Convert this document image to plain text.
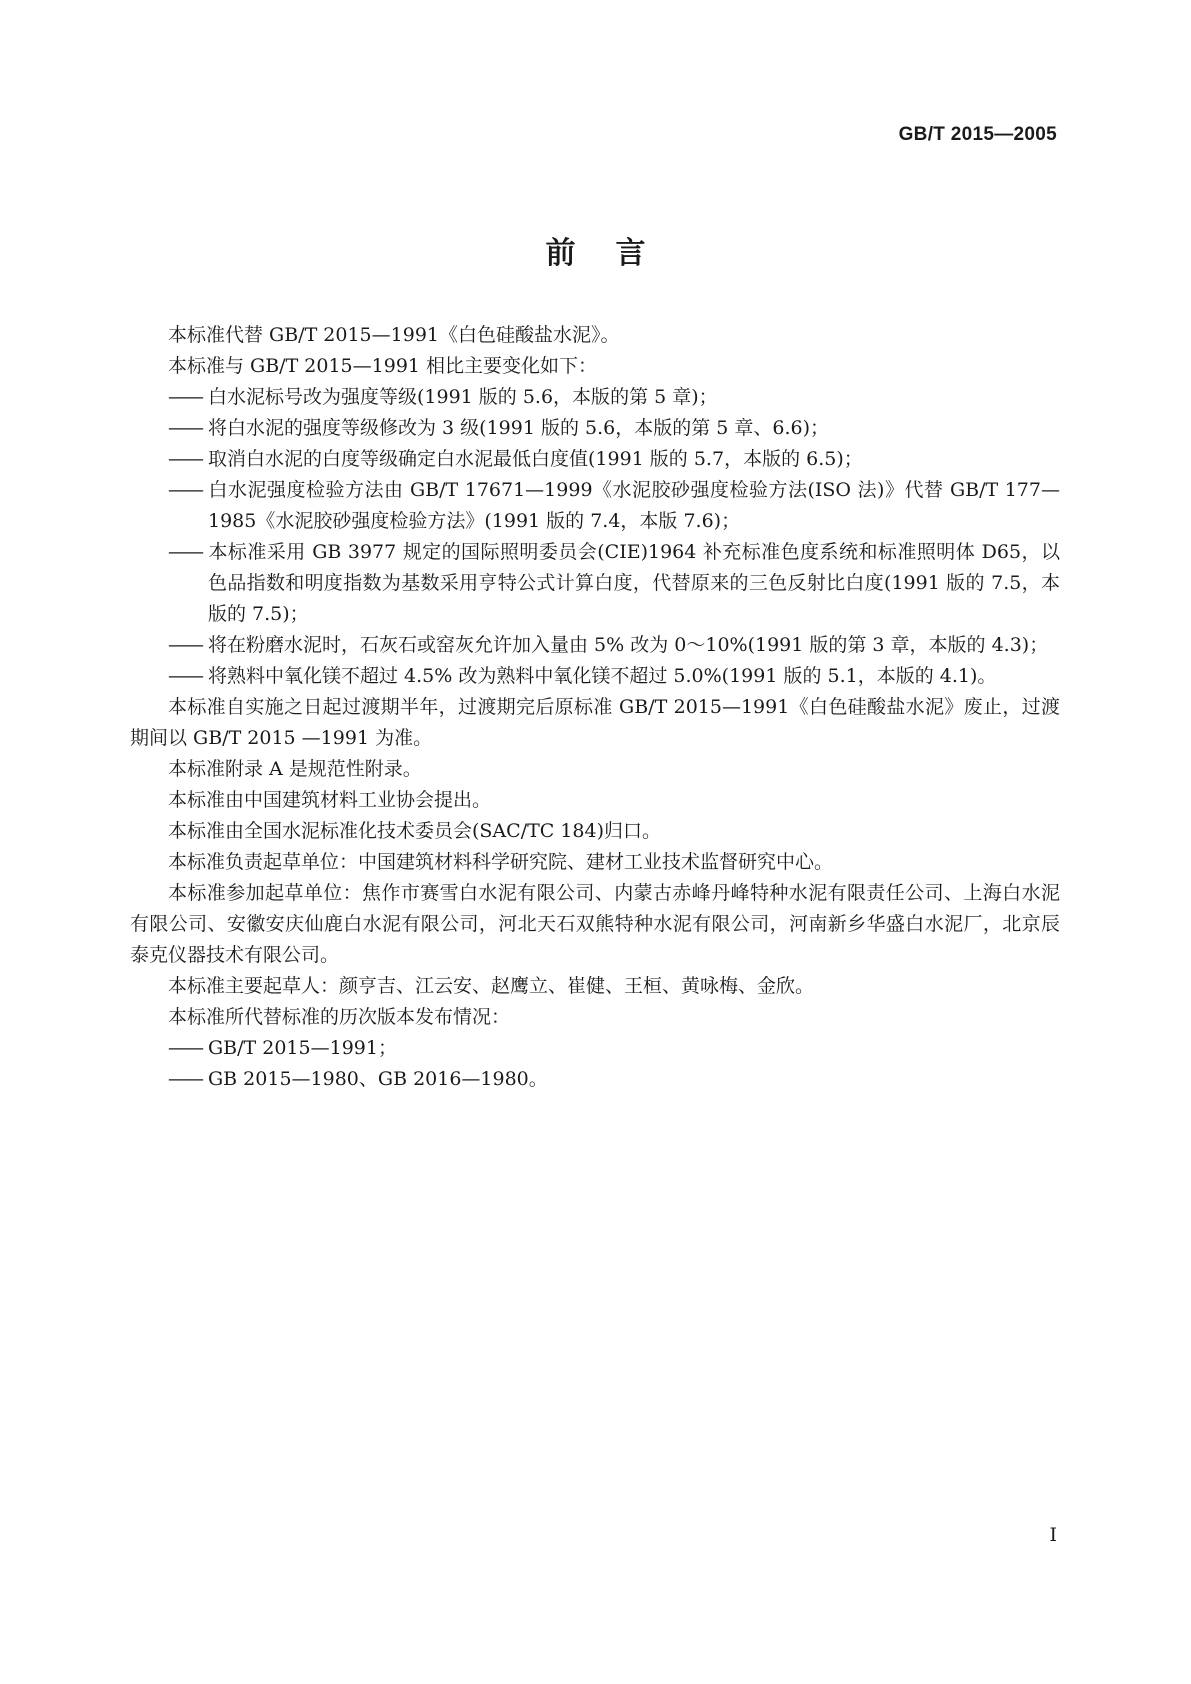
GB/T 2015—2005
前言

本标准代替 GB/T 2015—1991《白色硅酸盐水泥》。

本标准与 GB/T 2015—1991 相比主要变化如下：

—— 白水泥标号改为强度等级(1991 版的 5.6，本版的第 5 章)；

—— 将白水泥的强度等级修改为 3 级(1991 版的 5.6，本版的第 5 章、6.6)；

—— 取消白水泥的白度等级确定白水泥最低白度值(1991 版的 5.7，本版的 6.5)；

—— 白水泥强度检验方法由 GB/T 17671—1999《水泥胶砂强度检验方法(ISO 法)》代替 GB/T 177—1985《水泥胶砂强度检验方法》(1991 版的 7.4，本版 7.6)；

—— 本标准采用 GB 3977 规定的国际照明委员会(CIE)1964 补充标准色度系统和标准照明体 D65，以色品指数和明度指数为基数采用亨特公式计算白度，代替原来的三色反射比白度(1991 版的 7.5，本版的 7.5)；

—— 将在粉磨水泥时，石灰石或窑灰允许加入量由 5% 改为 0～10%(1991 版的第 3 章，本版的 4.3)；

—— 将熟料中氧化镁不超过 4.5% 改为熟料中氧化镁不超过 5.0%(1991 版的 5.1，本版的 4.1)。

本标准自实施之日起过渡期半年，过渡期完后原标准 GB/T 2015—1991《白色硅酸盐水泥》废止，过渡期间以 GB/T 2015 —1991 为准。

本标准附录 A 是规范性附录。

本标准由中国建筑材料工业协会提出。

本标准由全国水泥标准化技术委员会(SAC/TC 184)归口。

本标准负责起草单位：中国建筑材料科学研究院、建材工业技术监督研究中心。

本标准参加起草单位：焦作市赛雪白水泥有限公司、内蒙古赤峰丹峰特种水泥有限责任公司、上海白水泥有限公司、安徽安庆仙鹿白水泥有限公司，河北天石双熊特种水泥有限公司，河南新乡华盛白水泥厂，北京辰泰克仪器技术有限公司。

本标准主要起草人：颜亨吉、江云安、赵鹰立、崔健、王桓、黄咏梅、金欣。

本标准所代替标准的历次版本发布情况：

—— GB/T 2015—1991；

—— GB 2015—1980、GB 2016—1980。

I
